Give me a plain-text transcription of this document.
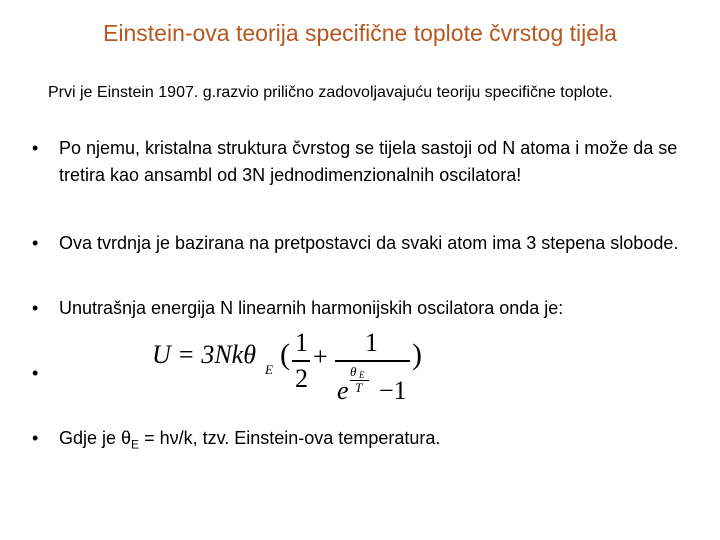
Einstein-ova teorija specifične toplote čvrstog tijela
Prvi je Einstein 1907. g.razvio prilično zadovoljavajuću teoriju specifične toplote.
• Po njemu, kristalna struktura čvrstog se tijela sastoji od N atoma i može da se tretira kao ansambl od 3N jednodimenzionalnih oscilatora!
• Ova tvrdnja je bazirana na pretpostavci da svaki atom ima 3 stepena slobode.
• Unutrašnja energija N linearnih harmonijskih oscilatora onda je:
•
U = 3Nkθ
E ( 1
2
+ 1
e
θ E
T −1
)
• Gdje je $\theta_E = h\nu/k$, tzv. Einstein-ova temperatura.
